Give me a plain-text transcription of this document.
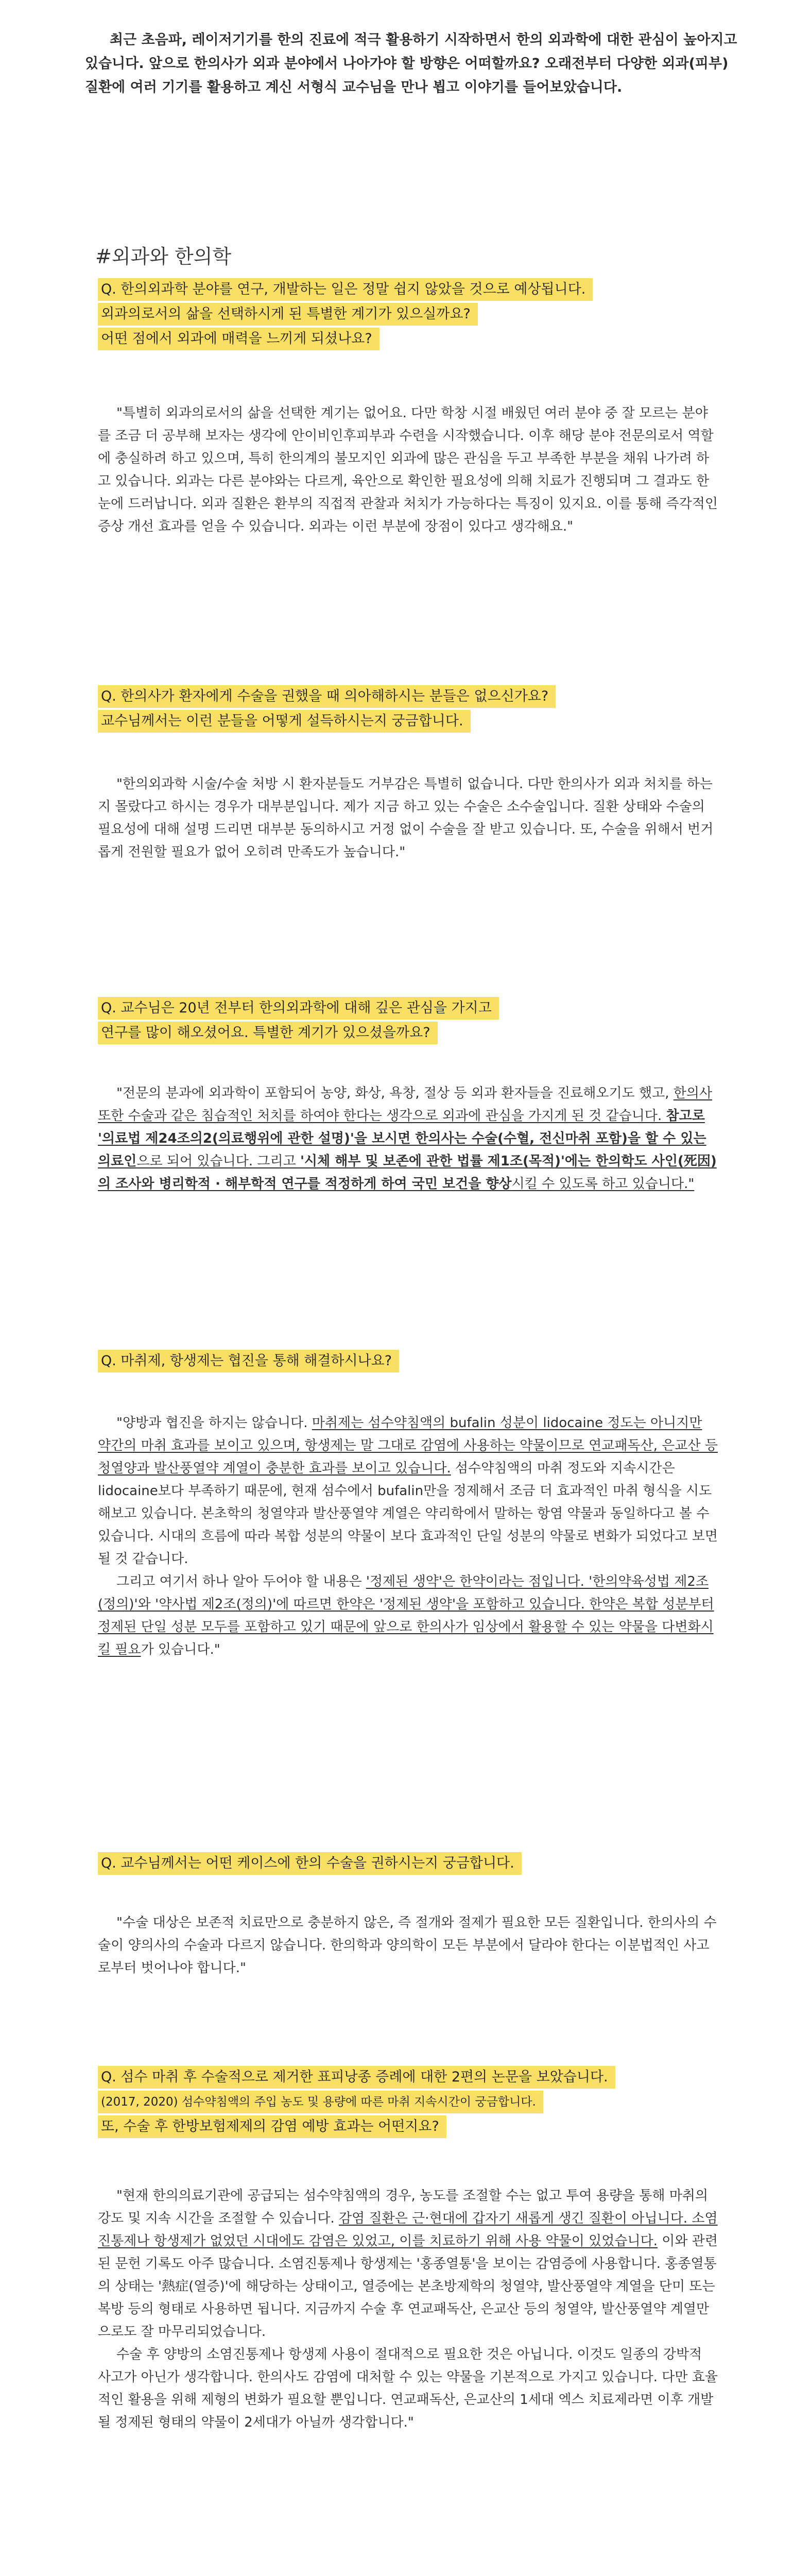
최근 초음파, 레이저기기를 한의 진료에 적극 활용하기 시작하면서 한의 외과학에 대한 관심이 높아지고 있습니다. 앞으로 한의사가 외과 분야에서 나아가야 할 방향은 어떠할까요? 오래전부터 다양한 외과(피부) 질환에 여러 기기를 활용하고 계신 서형식 교수님을 만나 뵙고 이야기를 들어보았습니다.

#외과와 한의학
Q. 한의외과학 분야를 연구, 개발하는 일은 정말 쉽지 않았을 것으로 예상됩니다.
외과의로서의 삶을 선택하시게 된 특별한 계기가 있으실까요?
어떤 점에서 외과에 매력을 느끼게 되셨나요?

"특별히 외과의로서의 삶을 선택한 계기는 없어요. 다만 학창 시절 배웠던 여러 분야 중 잘 모르는 분야를 조금 더 공부해 보자는 생각에 안이비인후피부과 수련을 시작했습니다. 이후 해당 분야 전문의로서 역할에 충실하려 하고 있으며, 특히 한의계의 불모지인 외과에 많은 관심을 두고 부족한 부분을 채워 나가려 하고 있습니다. 외과는 다른 분야와는 다르게, 육안으로 확인한 필요성에 의해 치료가 진행되며 그 결과도 한눈에 드러납니다. 외과 질환은 환부의 직접적 관찰과 처치가 가능하다는 특징이 있지요. 이를 통해 즉각적인 증상 개선 효과를 얻을 수 있습니다. 외과는 이런 부분에 장점이 있다고 생각해요."

Q. 한의사가 환자에게 수술을 권했을 때 의아해하시는 분들은 없으신가요?
교수님께서는 이런 분들을 어떻게 설득하시는지 궁금합니다.

"한의외과학 시술/수술 처방 시 환자분들도 거부감은 특별히 없습니다. 다만 한의사가 외과 처치를 하는지 몰랐다고 하시는 경우가 대부분입니다. 제가 지금 하고 있는 수술은 소수술입니다. 질환 상태와 수술의 필요성에 대해 설명 드리면 대부분 동의하시고 거정 없이 수술을 잘 받고 있습니다. 또, 수술을 위해서 번거롭게 전원할 필요가 없어 오히려 만족도가 높습니다."

Q. 교수님은 20년 전부터 한의외과학에 대해 깊은 관심을 가지고
연구를 많이 해오셨어요. 특별한 계기가 있으셨을까요?

"전문의 분과에 외과학이 포함되어 농양, 화상, 욕창, 절상 등 외과 환자들을 진료해오기도 했고, 한의사 또한 수술과 같은 침습적인 처치를 하여야 한다는 생각으로 외과에 관심을 가지게 된 것 같습니다. 참고로 '의료법 제24조의2(의료행위에 관한 설명)'을 보시면 한의사는 수술(수혈, 전신마취 포함)을 할 수 있는 의료인으로 되어 있습니다. 그리고 '시체 해부 및 보존에 관한 법률 제1조(목적)'에는 한의학도 사인(死因)의 조사와 병리학적 · 해부학적 연구를 적정하게 하여 국민 보건을 향상시킬 수 있도록 하고 있습니다."

Q. 마취제, 항생제는 협진을 통해 해결하시나요?

"양방과 협진을 하지는 않습니다. 마취제는 섬수약침액의 bufalin 성분이 lidocaine 정도는 아니지만 약간의 마취 효과를 보이고 있으며, 항생제는 말 그대로 감염에 사용하는 약물이므로 연교패독산, 은교산 등 청열양과 발산풍열약 계열이 충분한 효과를 보이고 있습니다. 섬수약침액의 마취 정도와 지속시간은 lidocaine보다 부족하기 때문에, 현재 섬수에서 bufalin만을 정제해서 조금 더 효과적인 마취 형식을 시도해보고 있습니다. 본초학의 청열약과 발산풍열약 계열은 약리학에서 말하는 항염 약물과 동일하다고 볼 수 있습니다. 시대의 흐름에 따라 복합 성분의 약물이 보다 효과적인 단일 성분의 약물로 변화가 되었다고 보면 될 것 같습니다.

그리고 여기서 하나 알아 두어야 할 내용은 '정제된 생약'은 한약이라는 점입니다. '한의약육성법 제2조(정의)'와 '약사법 제2조(정의)'에 따르면 한약은 '정제된 생약'을 포함하고 있습니다. 한약은 복합 성분부터 정제된 단일 성분 모두를 포함하고 있기 때문에 앞으로 한의사가 임상에서 활용할 수 있는 약물을 다변화시킬 필요가 있습니다."

Q. 교수님께서는 어떤 케이스에 한의 수술을 권하시는지 궁금합니다.

"수술 대상은 보존적 치료만으로 충분하지 않은, 즉 절개와 절제가 필요한 모든 질환입니다. 한의사의 수술이 양의사의 수술과 다르지 않습니다. 한의학과 양의학이 모든 부분에서 달라야 한다는 이분법적인 사고로부터 벗어나야 합니다."

Q. 섬수 마취 후 수술적으로 제거한 표피낭종 증례에 대한 2편의 논문을 보았습니다.
(2017, 2020) 섬수약침액의 주입 농도 및 용량에 따른 마취 지속시간이 궁금합니다.
또, 수술 후 한방보험제제의 감염 예방 효과는 어떤지요?

"현재 한의의료기관에 공급되는 섬수약침액의 경우, 농도를 조절할 수는 없고 투여 용량을 통해 마취의 강도 및 지속 시간을 조절할 수 있습니다. 감염 질환은 근·현대에 갑자기 새롭게 생긴 질환이 아닙니다. 소염진통제나 항생제가 없었던 시대에도 감염은 있었고, 이를 치료하기 위해 사용 약물이 있었습니다. 이와 관련된 문헌 기록도 아주 많습니다. 소염진통제나 항생제는 '홍종열통'을 보이는 감염증에 사용합니다. 홍종열통의 상태는 '熱症(열증)'에 해당하는 상태이고, 열증에는 본초방제학의 청열약, 발산풍열약 계열을 단미 또는 복방 등의 형태로 사용하면 됩니다. 지금까지 수술 후 연교패독산, 은교산 등의 청열약, 발산풍열약 계열만으로도 잘 마무리되었습니다.

수술 후 양방의 소염진통제나 항생제 사용이 절대적으로 필요한 것은 아닙니다. 이것도 일종의 강박적 사고가 아닌가 생각합니다. 한의사도 감염에 대처할 수 있는 약물을 기본적으로 가지고 있습니다. 다만 효율적인 활용을 위해 제형의 변화가 필요할 뿐입니다. 연교패독산, 은교산의 1세대 엑스 치료제라면 이후 개발될 정제된 형태의 약물이 2세대가 아닐까 생각합니다."
